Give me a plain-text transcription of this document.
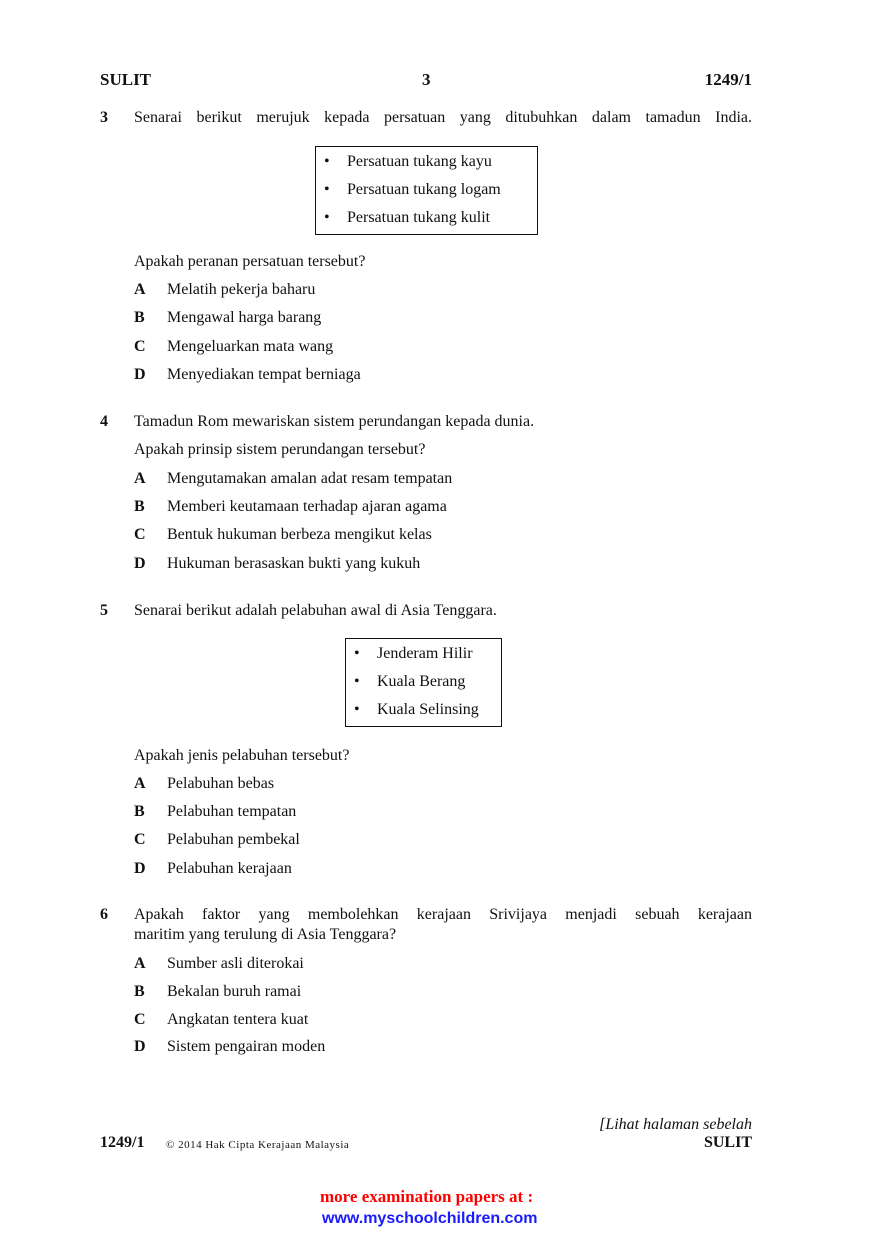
SULIT	3	1249/1
3 Senarai berikut merujuk kepada persatuan yang ditubuhkan dalam tamadun India.
• Persatuan tukang kayu
• Persatuan tukang logam
• Persatuan tukang kulit
Apakah peranan persatuan tersebut?
A Melatih pekerja baharu
B Mengawal harga barang
C Mengeluarkan mata wang
D Menyediakan tempat berniaga
4 Tamadun Rom mewariskan sistem perundangan kepada dunia.
Apakah prinsip sistem perundangan tersebut?
A Mengutamakan amalan adat resam tempatan
B Memberi keutamaan terhadap ajaran agama
C Bentuk hukuman berbeza mengikut kelas
D Hukuman berasaskan bukti yang kukuh
5 Senarai berikut adalah pelabuhan awal di Asia Tenggara.
• Jenderam Hilir
• Kuala Berang
• Kuala Selinsing
Apakah jenis pelabuhan tersebut?
A Pelabuhan bebas
B Pelabuhan tempatan
C Pelabuhan pembekal
D Pelabuhan kerajaan
6 Apakah faktor yang membolehkan kerajaan Srivijaya menjadi sebuah kerajaan
maritim yang terulung di Asia Tenggara?
A Sumber asli diterokai
B Bekalan buruh ramai
C Angkatan tentera kuat
D Sistem pengairan moden
[Lihat halaman sebelah
1249/1 © 2014 Hak Cipta Kerajaan Malaysia	SULIT
more examination papers at :
www.myschoolchildren.com
